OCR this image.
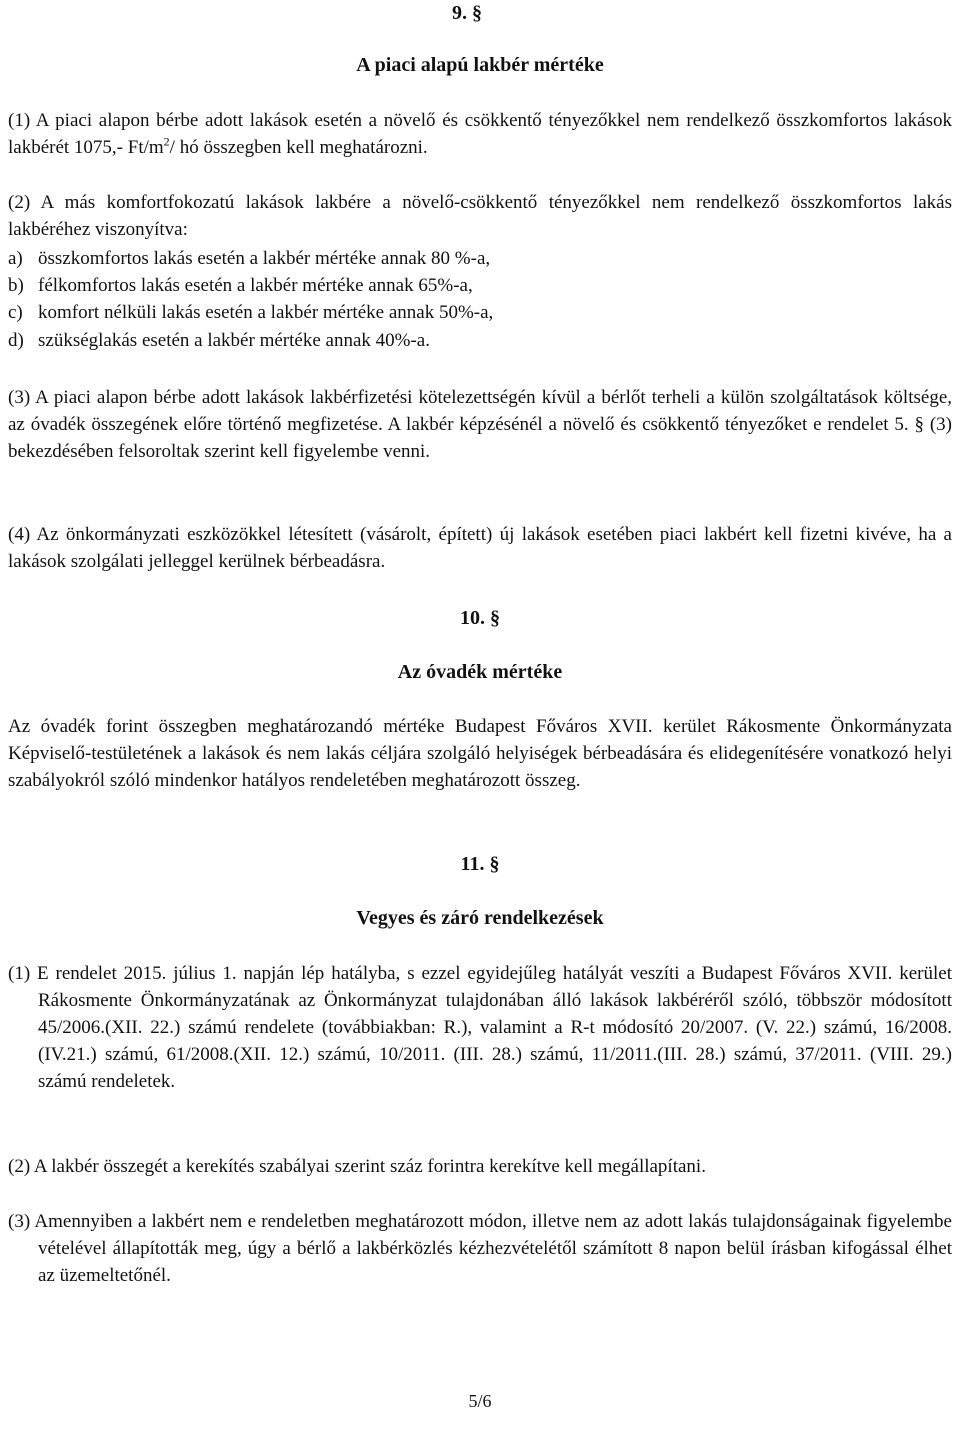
9. §
A piaci alapú lakbér mértéke

(1) A piaci alapon bérbe adott lakások esetén a növelő és csökkentő tényezőkkel nem rendelkező összkomfortos lakások lakbérét 1075,- $Ft/m^2/$ hó összegben kell meghatározni.

(2) A más komfortfokozatú lakások lakbére a növelő-csökkentő tényezőkkel nem rendelkező összkomfortos lakás lakbéréhez viszonyítva:

a) összkomfortos lakás esetén a lakbér mértéke annak 80 %-a,
b) félkomfortos lakás esetén a lakbér mértéke annak 65%-a,
c) komfort nélküli lakás esetén a lakbér mértéke annak 50%-a,
d) szükséglakás esetén a lakbér mértéke annak 40%-a.

(3) A piaci alapon bérbe adott lakások lakbérfizetési kötelezettségén kívül a bérlőt terheli a külön szolgáltatások költsége, az óvadék összegének előre történő megfizetése. A lakbér képzésénél a növelő és csökkentő tényezőket e rendelet 5. § (3) bekezdésében felsoroltak szerint kell figyelembe venni.

(4) Az önkormányzati eszközökkel létesített (vásárolt, épített) új lakások esetében piaci lakbért kell fizetni kivéve, ha a lakások szolgálati jelleggel kerülnek bérbeadásra.

10. §
Az óvadék mértéke

Az óvadék forint összegben meghatározandó mértéke Budapest Főváros XVII. kerület Rákosmente Önkormányzata Képviselő-testületének a lakások és nem lakás céljára szolgáló helyiségek bérbeadására és elidegenítésére vonatkozó helyi szabályokról szóló mindenkor hatályos rendeletében meghatározott összeg.

11. §
Vegyes és záró rendelkezések

(1) E rendelet 2015. július 1. napján lép hatályba, s ezzel egyidejűleg hatályát veszíti a Budapest Főváros XVII. kerület Rákosmente Önkormányzatának az Önkormányzat tulajdonában álló lakások lakbéréről szóló, többször módosított 45/2006.(XII. 22.) számú rendelete (továbbiakban: R.), valamint a R-t módosító 20/2007. (V. 22.) számú, 16/2008.(IV.21.) számú, 61/2008.(XII. 12.) számú, 10/2011. (III. 28.) számú, 11/2011.(III. 28.) számú, 37/2011. (VIII. 29.) számú rendeletek.

(2) A lakbér összegét a kerekítés szabályai szerint száz forintra kerekítve kell megállapítani.

(3) Amennyiben a lakbért nem e rendeletben meghatározott módon, illetve nem az adott lakás tulajdonságainak figyelembe vételével állapították meg, úgy a bérlő a lakbérközlés kézhezvételétől számított 8 napon belül írásban kifogással élhet az üzemeltetőnél.

5/6
